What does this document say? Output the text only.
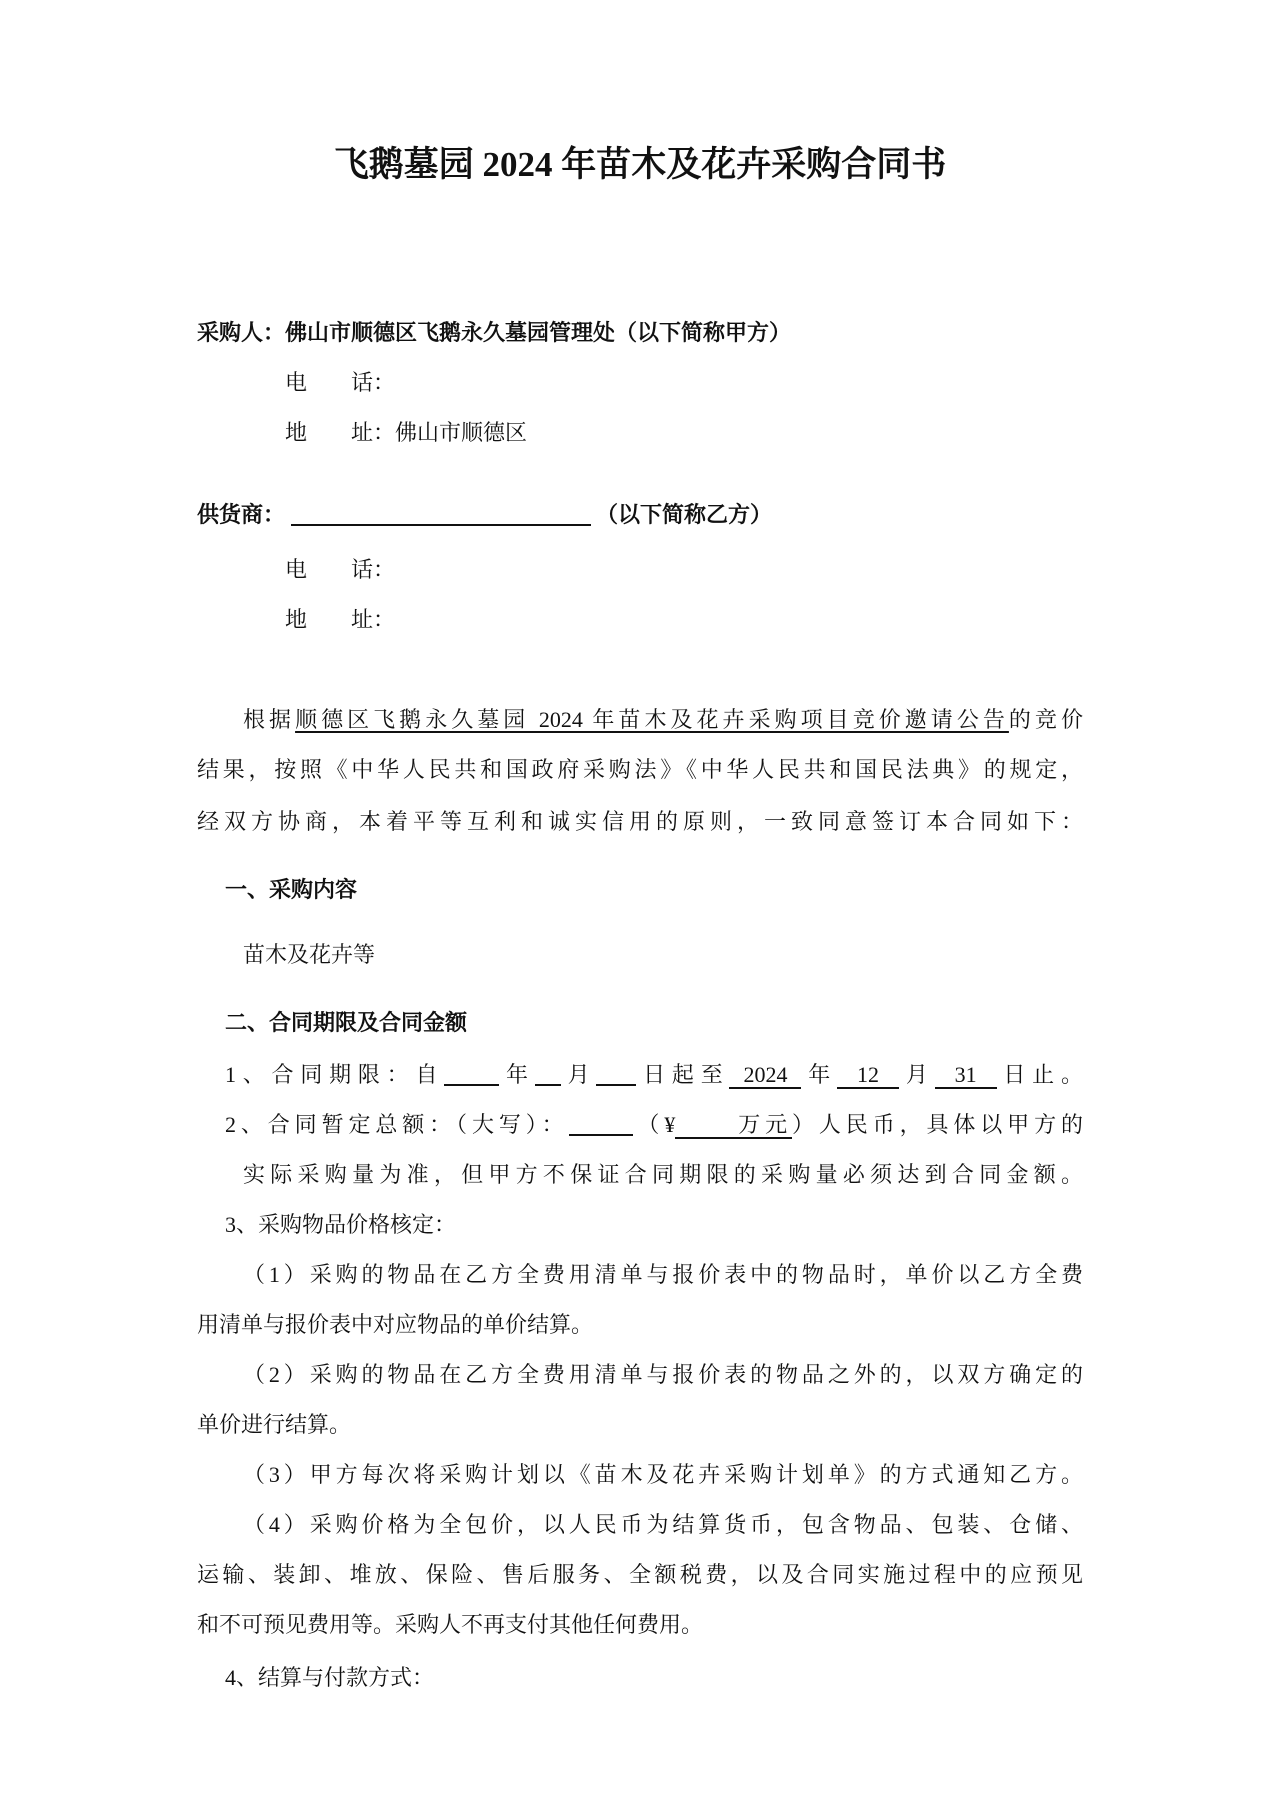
飞鹅墓园 2024 年苗木及花卉采购合同书
采购人：佛山市顺德区飞鹅永久墓园管理处（以下简称甲方）
电　　话：
地　　址：佛山市顺德区
供货商：	（以下简称乙方）
电　　话：
地　　址：
根据顺德区飞鹅永久墓园 2024 年苗木及花卉采购项目竞价邀请公告的竞价
结果，按照《中华人民共和国政府采购法》《中华人民共和国民法典》的规定，
经双方协商，本着平等互利和诚实信用的原则，一致同意签订本合同如下：
一、采购内容
苗木及花卉等
二、合同期限及合同金额
1、合同期限：自	年 月 日起至 2024 年 12 月 31 日止。
2、合同暂定总额：（大写）：	（¥	万元）人民币，具体以甲方的
实际采购量为准，但甲方不保证合同期限的采购量必须达到合同金额。
3、采购物品价格核定：
（1）采购的物品在乙方全费用清单与报价表中的物品时，单价以乙方全费
用清单与报价表中对应物品的单价结算。
（2）采购的物品在乙方全费用清单与报价表的物品之外的，以双方确定的
单价进行结算。
（3）甲方每次将采购计划以《苗木及花卉采购计划单》的方式通知乙方。
（4）采购价格为全包价，以人民币为结算货币，包含物品、包装、仓储、
运输、装卸、堆放、保险、售后服务、全额税费，以及合同实施过程中的应预见
和不可预见费用等。采购人不再支付其他任何费用。
4、结算与付款方式：
